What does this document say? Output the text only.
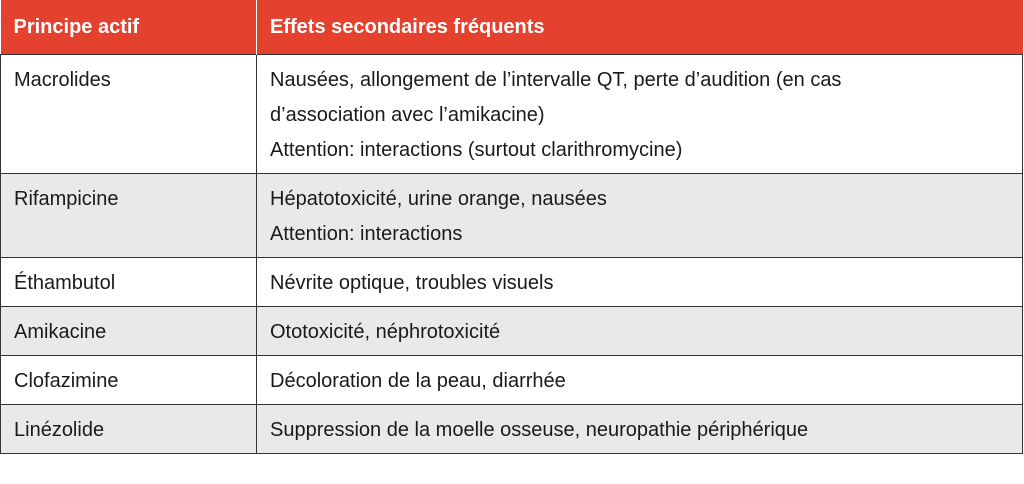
Principe actif	Effets secondaires fréquents
Macrolides	Nausées, allongement de l’intervalle QT, perte d’audition (en cas
d’association avec l’amikacine)
Attention: interactions (surtout clarithromycine)

Rifampicine	Hépatotoxicité, urine orange, nausées
Attention: interactions

Éthambutol	Névrite optique, troubles visuels

Amikacine	Ototoxicité, néphrotoxicité

Clofazimine	Décoloration de la peau, diarrhée

Linézolide	Suppression de la moelle osseuse, neuropathie périphérique
